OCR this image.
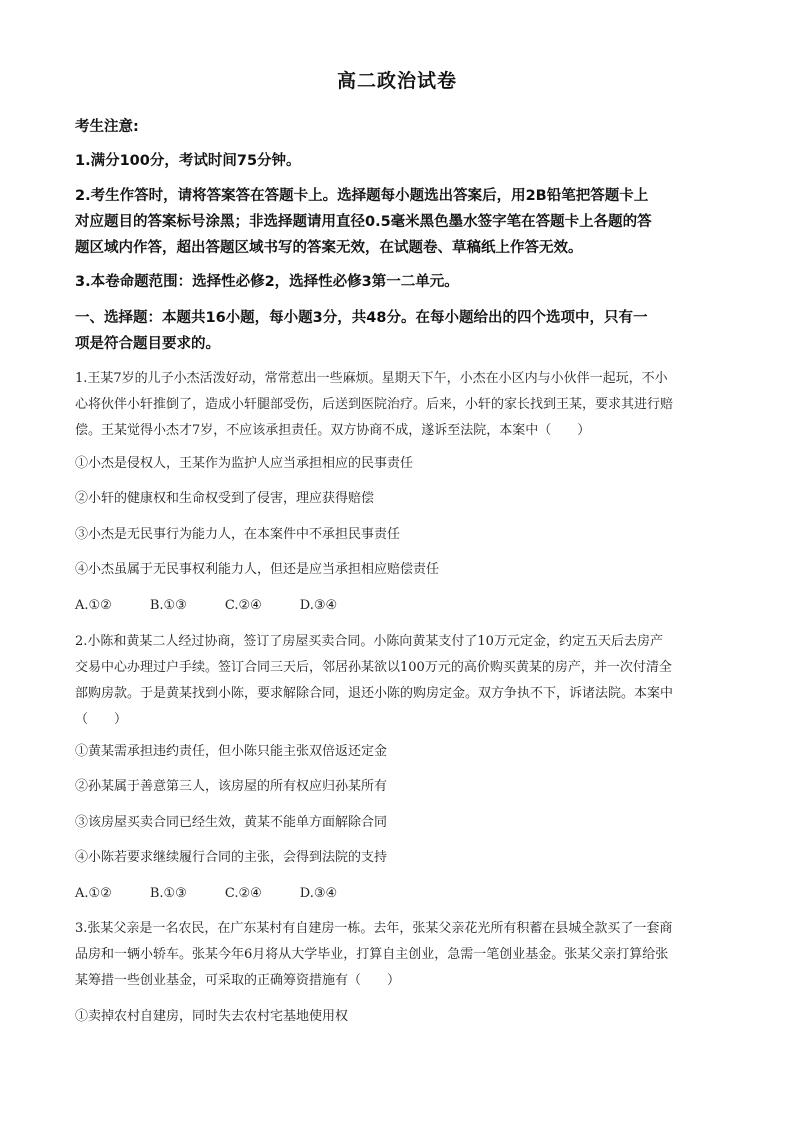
高二政治试卷
考生注意:
1.满分100分，考试时间75分钟。
2.考生作答时，请将答案答在答题卡上。选择题每小题选出答案后，用2B铅笔把答题卡上
对应题目的答案标号涂黑；非选择题请用直径0.5毫米黑色墨水签字笔在答题卡上各题的答
题区域内作答，超出答题区域书写的答案无效，在试题卷、草稿纸上作答无效。
3.本卷命题范围：选择性必修2，选择性必修3第一二单元。
一、选择题：本题共16小题，每小题3分，共48分。在每小题给出的四个选项中，只有一
项是符合题目要求的。
1.王某7岁的儿子小杰活泼好动，常常惹出一些麻烦。星期天下午，小杰在小区内与小伙伴一起玩，不小
心将伙伴小轩推倒了，造成小轩腿部受伤，后送到医院治疗。后来，小轩的家长找到王某，要求其进行赔
偿。王某觉得小杰才7岁，不应该承担责任。双方协商不成，遂诉至法院，本案中（　　）
①小杰是侵权人，王某作为监护人应当承担相应的民事责任
②小轩的健康权和生命权受到了侵害，理应获得赔偿
③小杰是无民事行为能力人，在本案件中不承担民事责任
④小杰虽属于无民事权利能力人，但还是应当承担相应赔偿责任
A.①②	B.①③	C.②④	D.③④
2.小陈和黄某二人经过协商，签订了房屋买卖合同。小陈向黄某支付了10万元定金，约定五天后去房产
交易中心办理过户手续。签订合同三天后，邻居孙某欲以100万元的高价购买黄某的房产，并一次付清全
部购房款。于是黄某找到小陈，要求解除合同，退还小陈的购房定金。双方争执不下，诉诸法院。本案中
（　　）
①黄某需承担违约责任，但小陈只能主张双倍返还定金
②孙某属于善意第三人，该房屋的所有权应归孙某所有
③该房屋买卖合同已经生效，黄某不能单方面解除合同
④小陈若要求继续履行合同的主张，会得到法院的支持
A.①②	B.①③	C.②④	D.③④
3.张某父亲是一名农民，在广东某村有自建房一栋。去年，张某父亲花光所有积蓄在县城全款买了一套商
品房和一辆小轿车。张某今年6月将从大学毕业，打算自主创业，急需一笔创业基金。张某父亲打算给张
某筹措一些创业基金，可采取的正确筹资措施有（　　）
①卖掉农村自建房，同时失去农村宅基地使用权
